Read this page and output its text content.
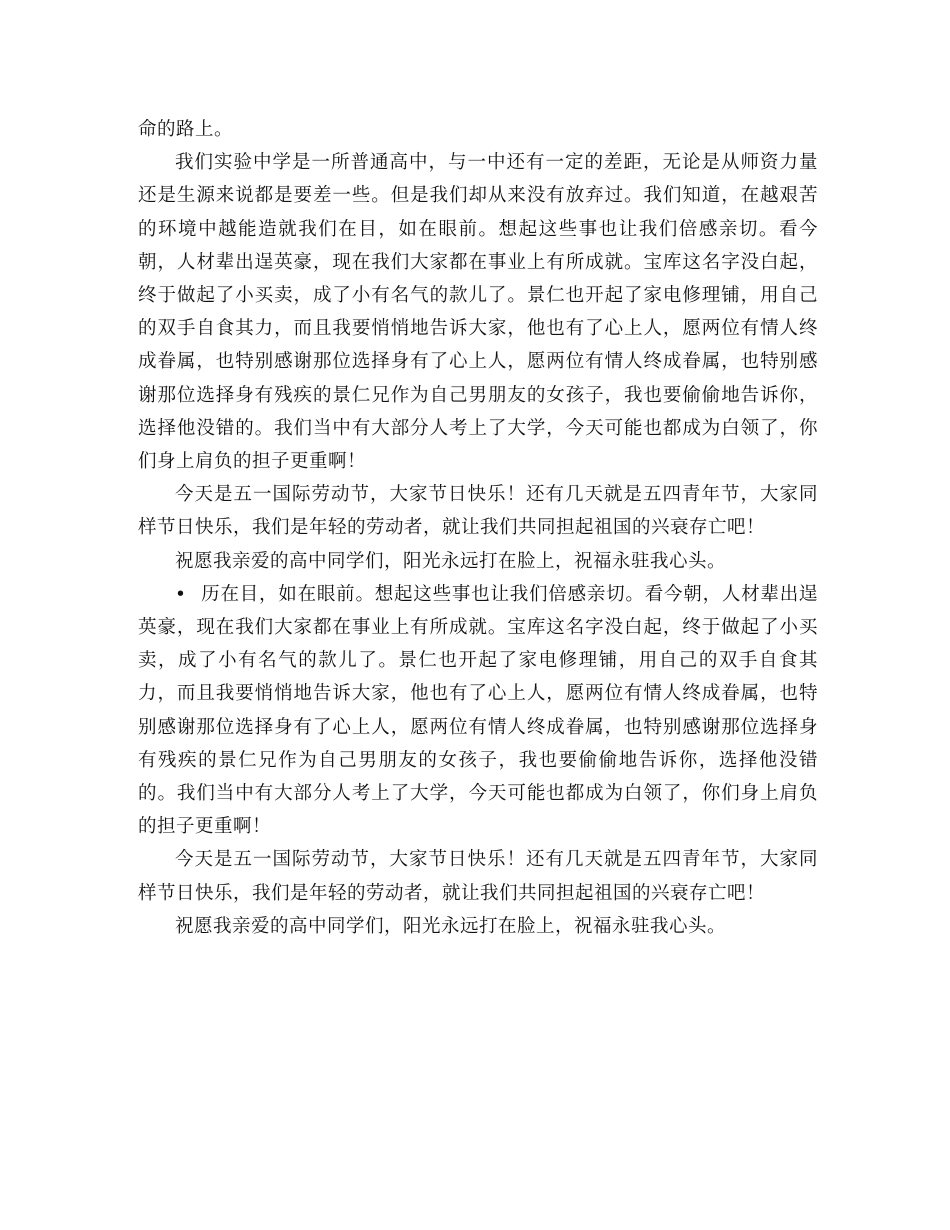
命的路上。

我们实验中学是一所普通高中，与一中还有一定的差距，无论是从师资力量还是生源来说都是要差一些。但是我们却从来没有放弃过。我们知道，在越艰苦的环境中越能造就我们在目，如在眼前。想起这些事也让我们倍感亲切。看今朝，人材辈出逞英豪，现在我们大家都在事业上有所成就。宝库这名字没白起，终于做起了小买卖，成了小有名气的款儿了。景仁也开起了家电修理铺，用自己的双手自食其力，而且我要悄悄地告诉大家，他也有了心上人，愿两位有情人终成眷属，也特别感谢那位选择身有了心上人，愿两位有情人终成眷属，也特别感谢那位选择身有残疾的景仁兄作为自己男朋友的女孩子，我也要偷偷地告诉你，选择他没错的。我们当中有大部分人考上了大学，今天可能也都成为白领了，你们身上肩负的担子更重啊！

今天是五一国际劳动节，大家节日快乐！还有几天就是五四青年节，大家同样节日快乐，我们是年轻的劳动者，就让我们共同担起祖国的兴衰存亡吧！

祝愿我亲爱的高中同学们，阳光永远打在脸上，祝福永驻我心头。

• 历在目，如在眼前。想起这些事也让我们倍感亲切。看今朝，人材辈出逞英豪，现在我们大家都在事业上有所成就。宝库这名字没白起，终于做起了小买卖，成了小有名气的款儿了。景仁也开起了家电修理铺，用自己的双手自食其力，而且我要悄悄地告诉大家，他也有了心上人，愿两位有情人终成眷属，也特别感谢那位选择身有了心上人，愿两位有情人终成眷属，也特别感谢那位选择身有残疾的景仁兄作为自己男朋友的女孩子，我也要偷偷地告诉你，选择他没错的。我们当中有大部分人考上了大学，今天可能也都成为白领了，你们身上肩负的担子更重啊！

今天是五一国际劳动节，大家节日快乐！还有几天就是五四青年节，大家同样节日快乐，我们是年轻的劳动者，就让我们共同担起祖国的兴衰存亡吧！

祝愿我亲爱的高中同学们，阳光永远打在脸上，祝福永驻我心头。
